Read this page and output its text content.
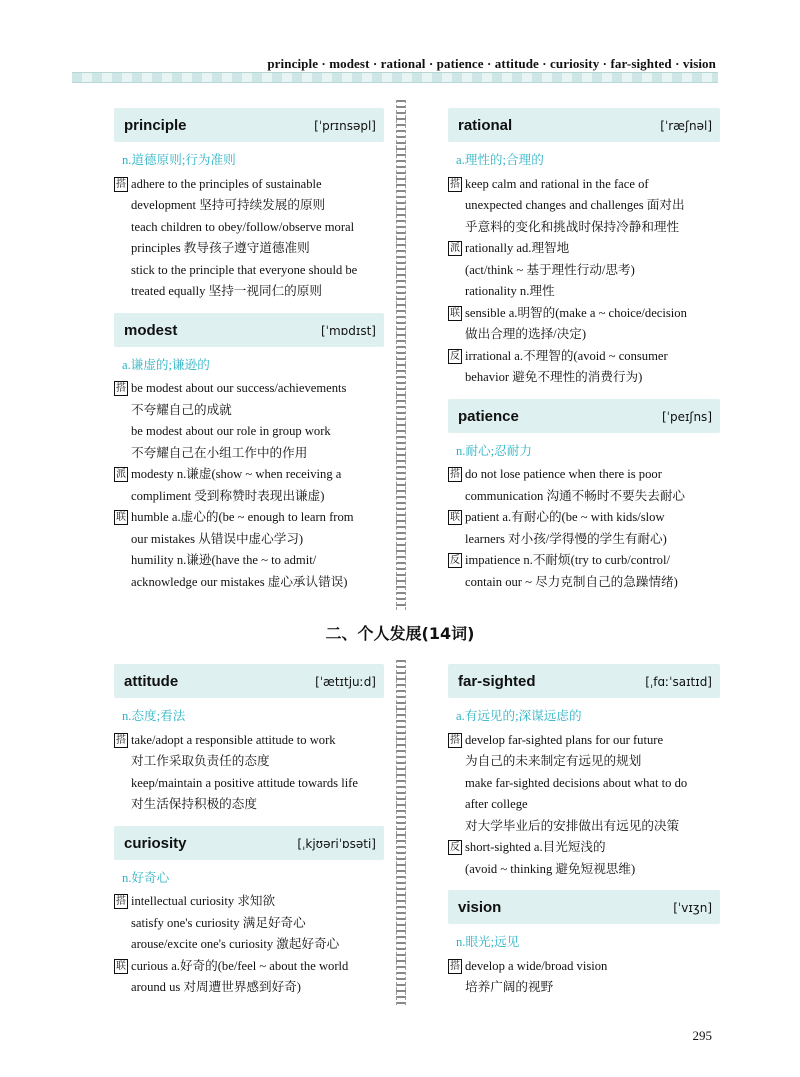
principle · modest · rational · patience · attitude · curiosity · far-sighted · vision
principle	[ˈprɪnsəpl]
n.道德原则;行为准则
搭 adhere to the principles of sustainable
development 坚持可持续发展的原则
teach children to obey/follow/observe moral
principles 教导孩子遵守道德准则
stick to the principle that everyone should be
treated equally 坚持一视同仁的原则
modest	[ˈmɒdɪst]
a.谦虚的;谦逊的
搭 be modest about our success/achievements
不夸耀自己的成就
be modest about our role in group work
不夸耀自己在小组工作中的作用
派 modesty n.谦虚(show ~ when receiving a
compliment 受到称赞时表现出谦虚)
联 humble a.虚心的(be ~ enough to learn from
our mistakes 从错误中虚心学习)
humility n.谦逊(have the ~ to admit/
acknowledge our mistakes 虚心承认错误)
rational	[ˈræʃnəl]
a.理性的;合理的
搭 keep calm and rational in the face of
unexpected changes and challenges 面对出
乎意料的变化和挑战时保持冷静和理性
派 rationally ad.理智地
(act/think ~ 基于理性行动/思考)
rationality n.理性
联 sensible a.明智的(make a ~ choice/decision
做出合理的选择/决定)
反 irrational a.不理智的(avoid ~ consumer
behavior 避免不理性的消费行为)
patience	[ˈpeɪʃns]
n.耐心;忍耐力
搭 do not lose patience when there is poor
communication 沟通不畅时不要失去耐心
联 patient a.有耐心的(be ~ with kids/slow
learners 对小孩/学得慢的学生有耐心)
反 impatience n.不耐烦(try to curb/control/
contain our ~ 尽力克制自己的急躁情绪)
二、个人发展(14词)
attitude	[ˈætɪtjuːd]
n.态度;看法
搭 take/adopt a responsible attitude to work
对工作采取负责任的态度
keep/maintain a positive attitude towards life
对生活保持积极的态度
curiosity	[ˌkjʊəriˈɒsəti]
n.好奇心
搭 intellectual curiosity 求知欲
satisfy one's curiosity 满足好奇心
arouse/excite one's curiosity 激起好奇心
联 curious a.好奇的(be/feel ~ about the world
around us 对周遭世界感到好奇)
far-sighted	[ˌfɑːˈsaɪtɪd]
a.有远见的;深谋远虑的
搭 develop far-sighted plans for our future
为自己的未来制定有远见的规划
make far-sighted decisions about what to do
after college
对大学毕业后的安排做出有远见的决策
反 short-sighted a.目光短浅的
(avoid ~ thinking 避免短视思维)
vision	[ˈvɪʒn]
n.眼光;远见
搭 develop a wide/broad vision
培养广阔的视野
295
